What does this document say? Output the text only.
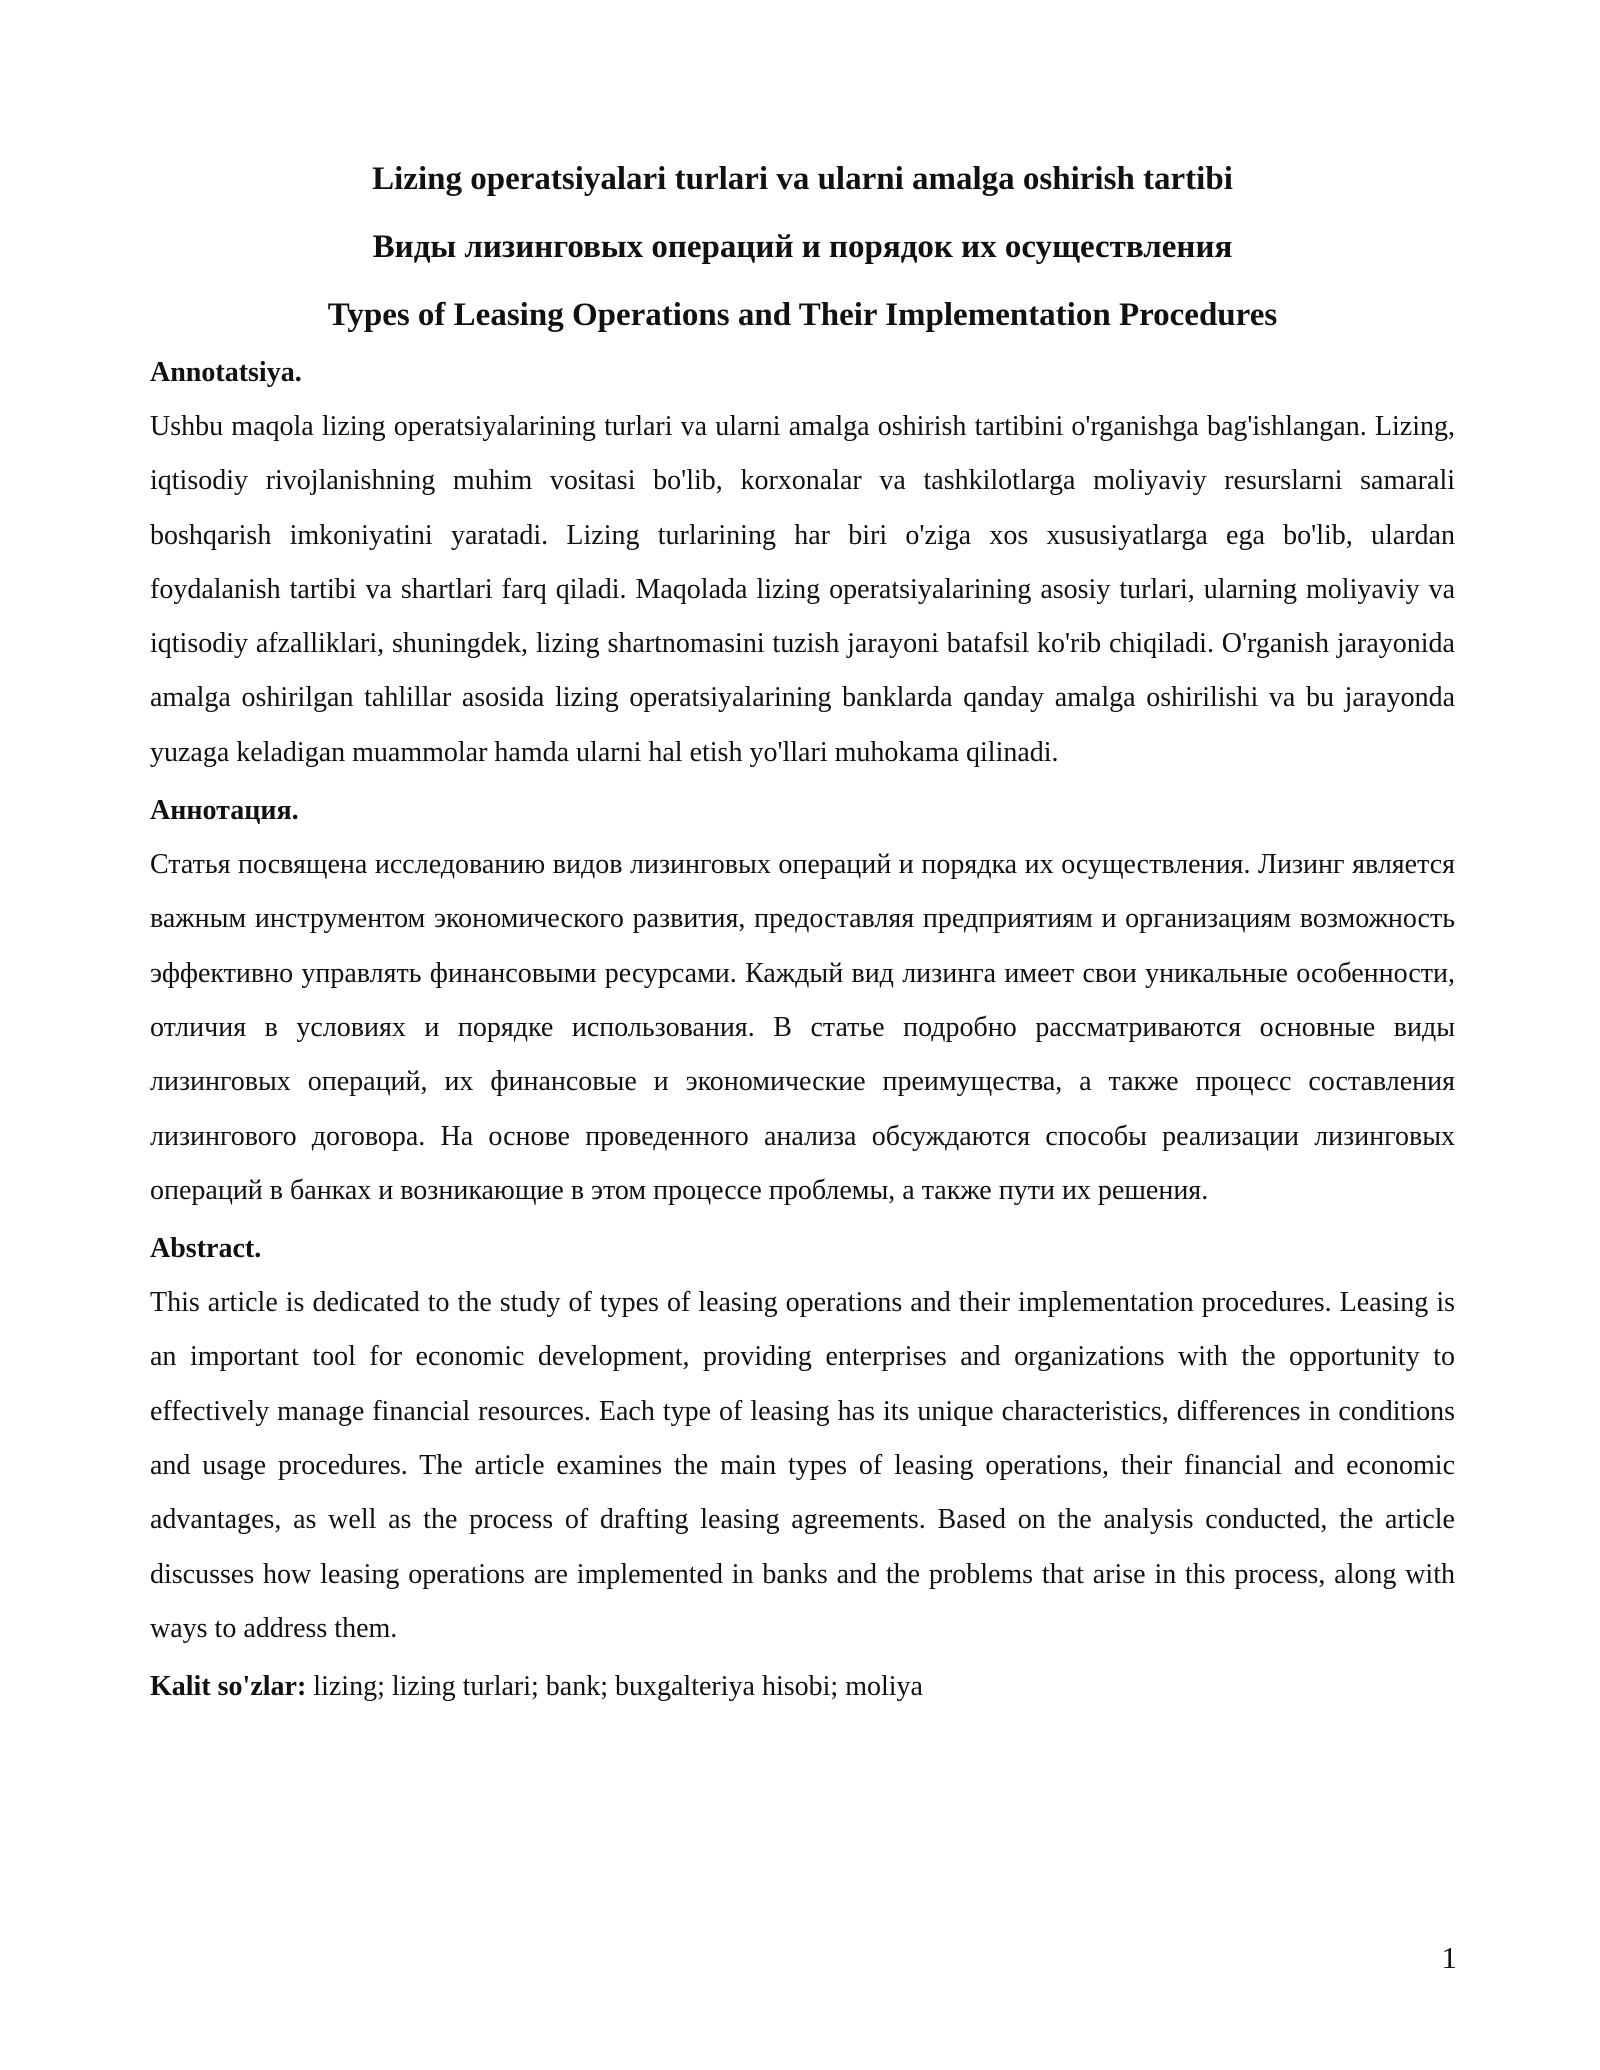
Lizing operatsiyalari turlari va ularni amalga oshirish tartibi
Виды лизинговых операций и порядок их осуществления
Types of Leasing Operations and Their Implementation Procedures
Annotatsiya.

Ushbu maqola lizing operatsiyalarining turlari va ularni amalga oshirish tartibini o'rganishga bag'ishlangan. Lizing, iqtisodiy rivojlanishning muhim vositasi bo'lib, korxonalar va tashkilotlarga moliyaviy resurslarni samarali boshqarish imkoniyatini yaratadi. Lizing turlarining har biri o'ziga xos xususiyatlarga ega bo'lib, ulardan foydalanish tartibi va shartlari farq qiladi. Maqolada lizing operatsiyalarining asosiy turlari, ularning moliyaviy va iqtisodiy afzalliklari, shuningdek, lizing shartnomasini tuzish jarayoni batafsil ko'rib chiqiladi. O'rganish jarayonida amalga oshirilgan tahlillar asosida lizing operatsiyalarining banklarda qanday amalga oshirilishi va bu jarayonda yuzaga keladigan muammolar hamda ularni hal etish yo'llari muhokama qilinadi.

Аннотация.

Статья посвящена исследованию видов лизинговых операций и порядка их осуществления. Лизинг является важным инструментом экономического развития, предоставляя предприятиям и организациям возможность эффективно управлять финансовыми ресурсами. Каждый вид лизинга имеет свои уникальные особенности, отличия в условиях и порядке использования. В статье подробно рассматриваются основные виды лизинговых операций, их финансовые и экономические преимущества, а также процесс составления лизингового договора. На основе проведенного анализа обсуждаются способы реализации лизинговых операций в банках и возникающие в этом процессе проблемы, а также пути их решения.

Abstract.

This article is dedicated to the study of types of leasing operations and their implementation procedures. Leasing is an important tool for economic development, providing enterprises and organizations with the opportunity to effectively manage financial resources. Each type of leasing has its unique characteristics, differences in conditions and usage procedures. The article examines the main types of leasing operations, their financial and economic advantages, as well as the process of drafting leasing agreements. Based on the analysis conducted, the article discusses how leasing operations are implemented in banks and the problems that arise in this process, along with ways to address them.

Kalit so'zlar: lizing; lizing turlari; bank; buxgalteriya hisobi; moliya
1
